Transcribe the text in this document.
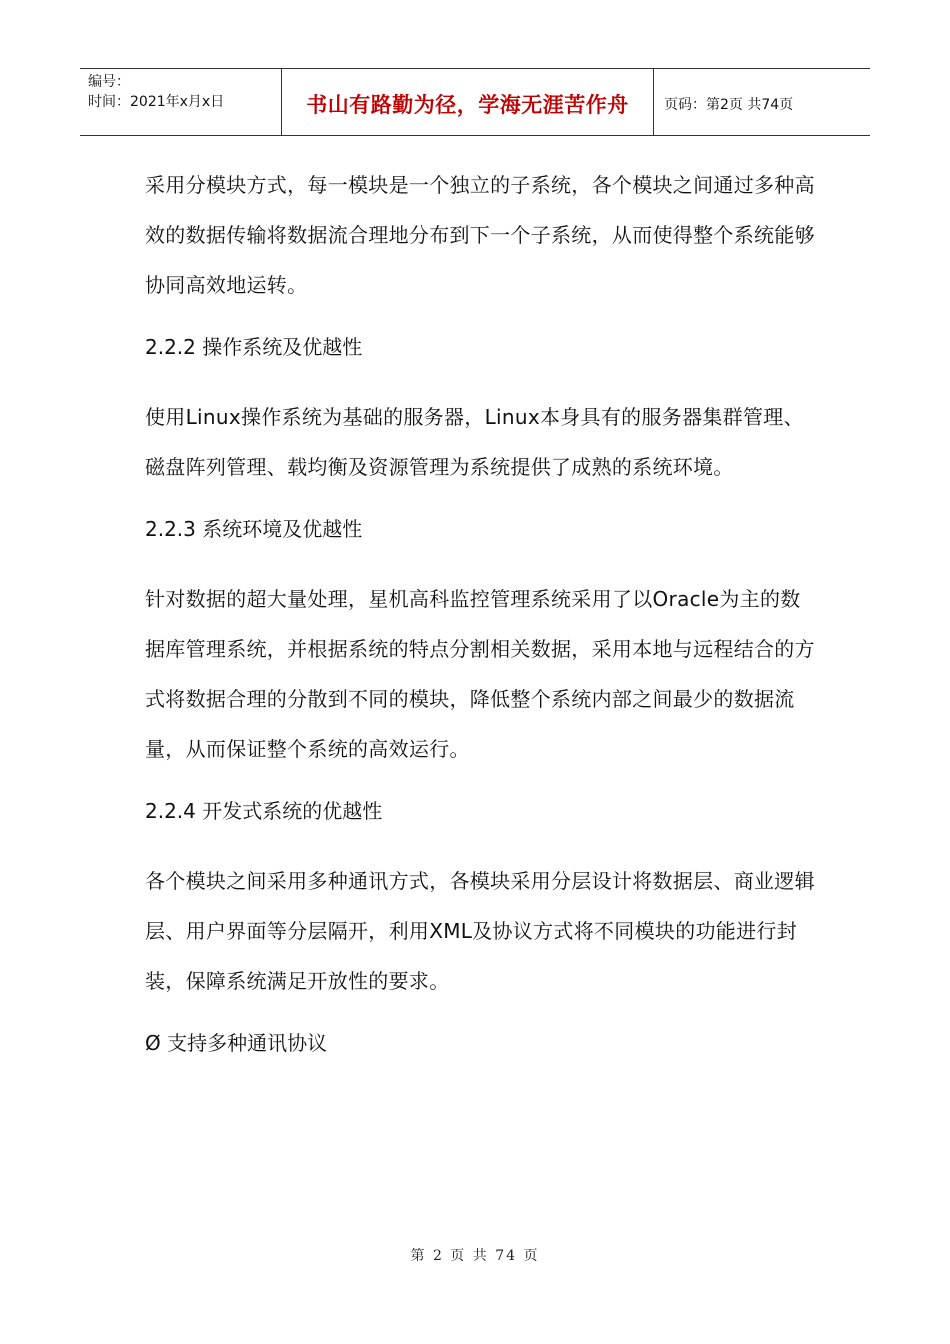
编号：
时间：2021年x月x日	书山有路勤为径，学海无涯苦作舟	页码：第2页 共74页

采用分模块方式，每一模块是一个独立的子系统，各个模块之间通过多种高效的数据传输将数据流合理地分布到下一个子系统，从而使得整个系统能够协同高效地运转。

2.2.2 操作系统及优越性

使用Linux操作系统为基础的服务器，Linux本身具有的服务器集群管理、磁盘阵列管理、载均衡及资源管理为系统提供了成熟的系统环境。

2.2.3 系统环境及优越性

针对数据的超大量处理，星机高科监控管理系统采用了以Oracle为主的数据库管理系统，并根据系统的特点分割相关数据，采用本地与远程结合的方式将数据合理的分散到不同的模块，降低整个系统内部之间最少的数据流量，从而保证整个系统的高效运行。

2.2.4 开发式系统的优越性

各个模块之间采用多种通讯方式，各模块采用分层设计将数据层、商业逻辑层、用户界面等分层隔开，利用XML及协议方式将不同模块的功能进行封装，保障系统满足开放性的要求。

Ø 支持多种通讯协议
第 2 页 共 74 页
